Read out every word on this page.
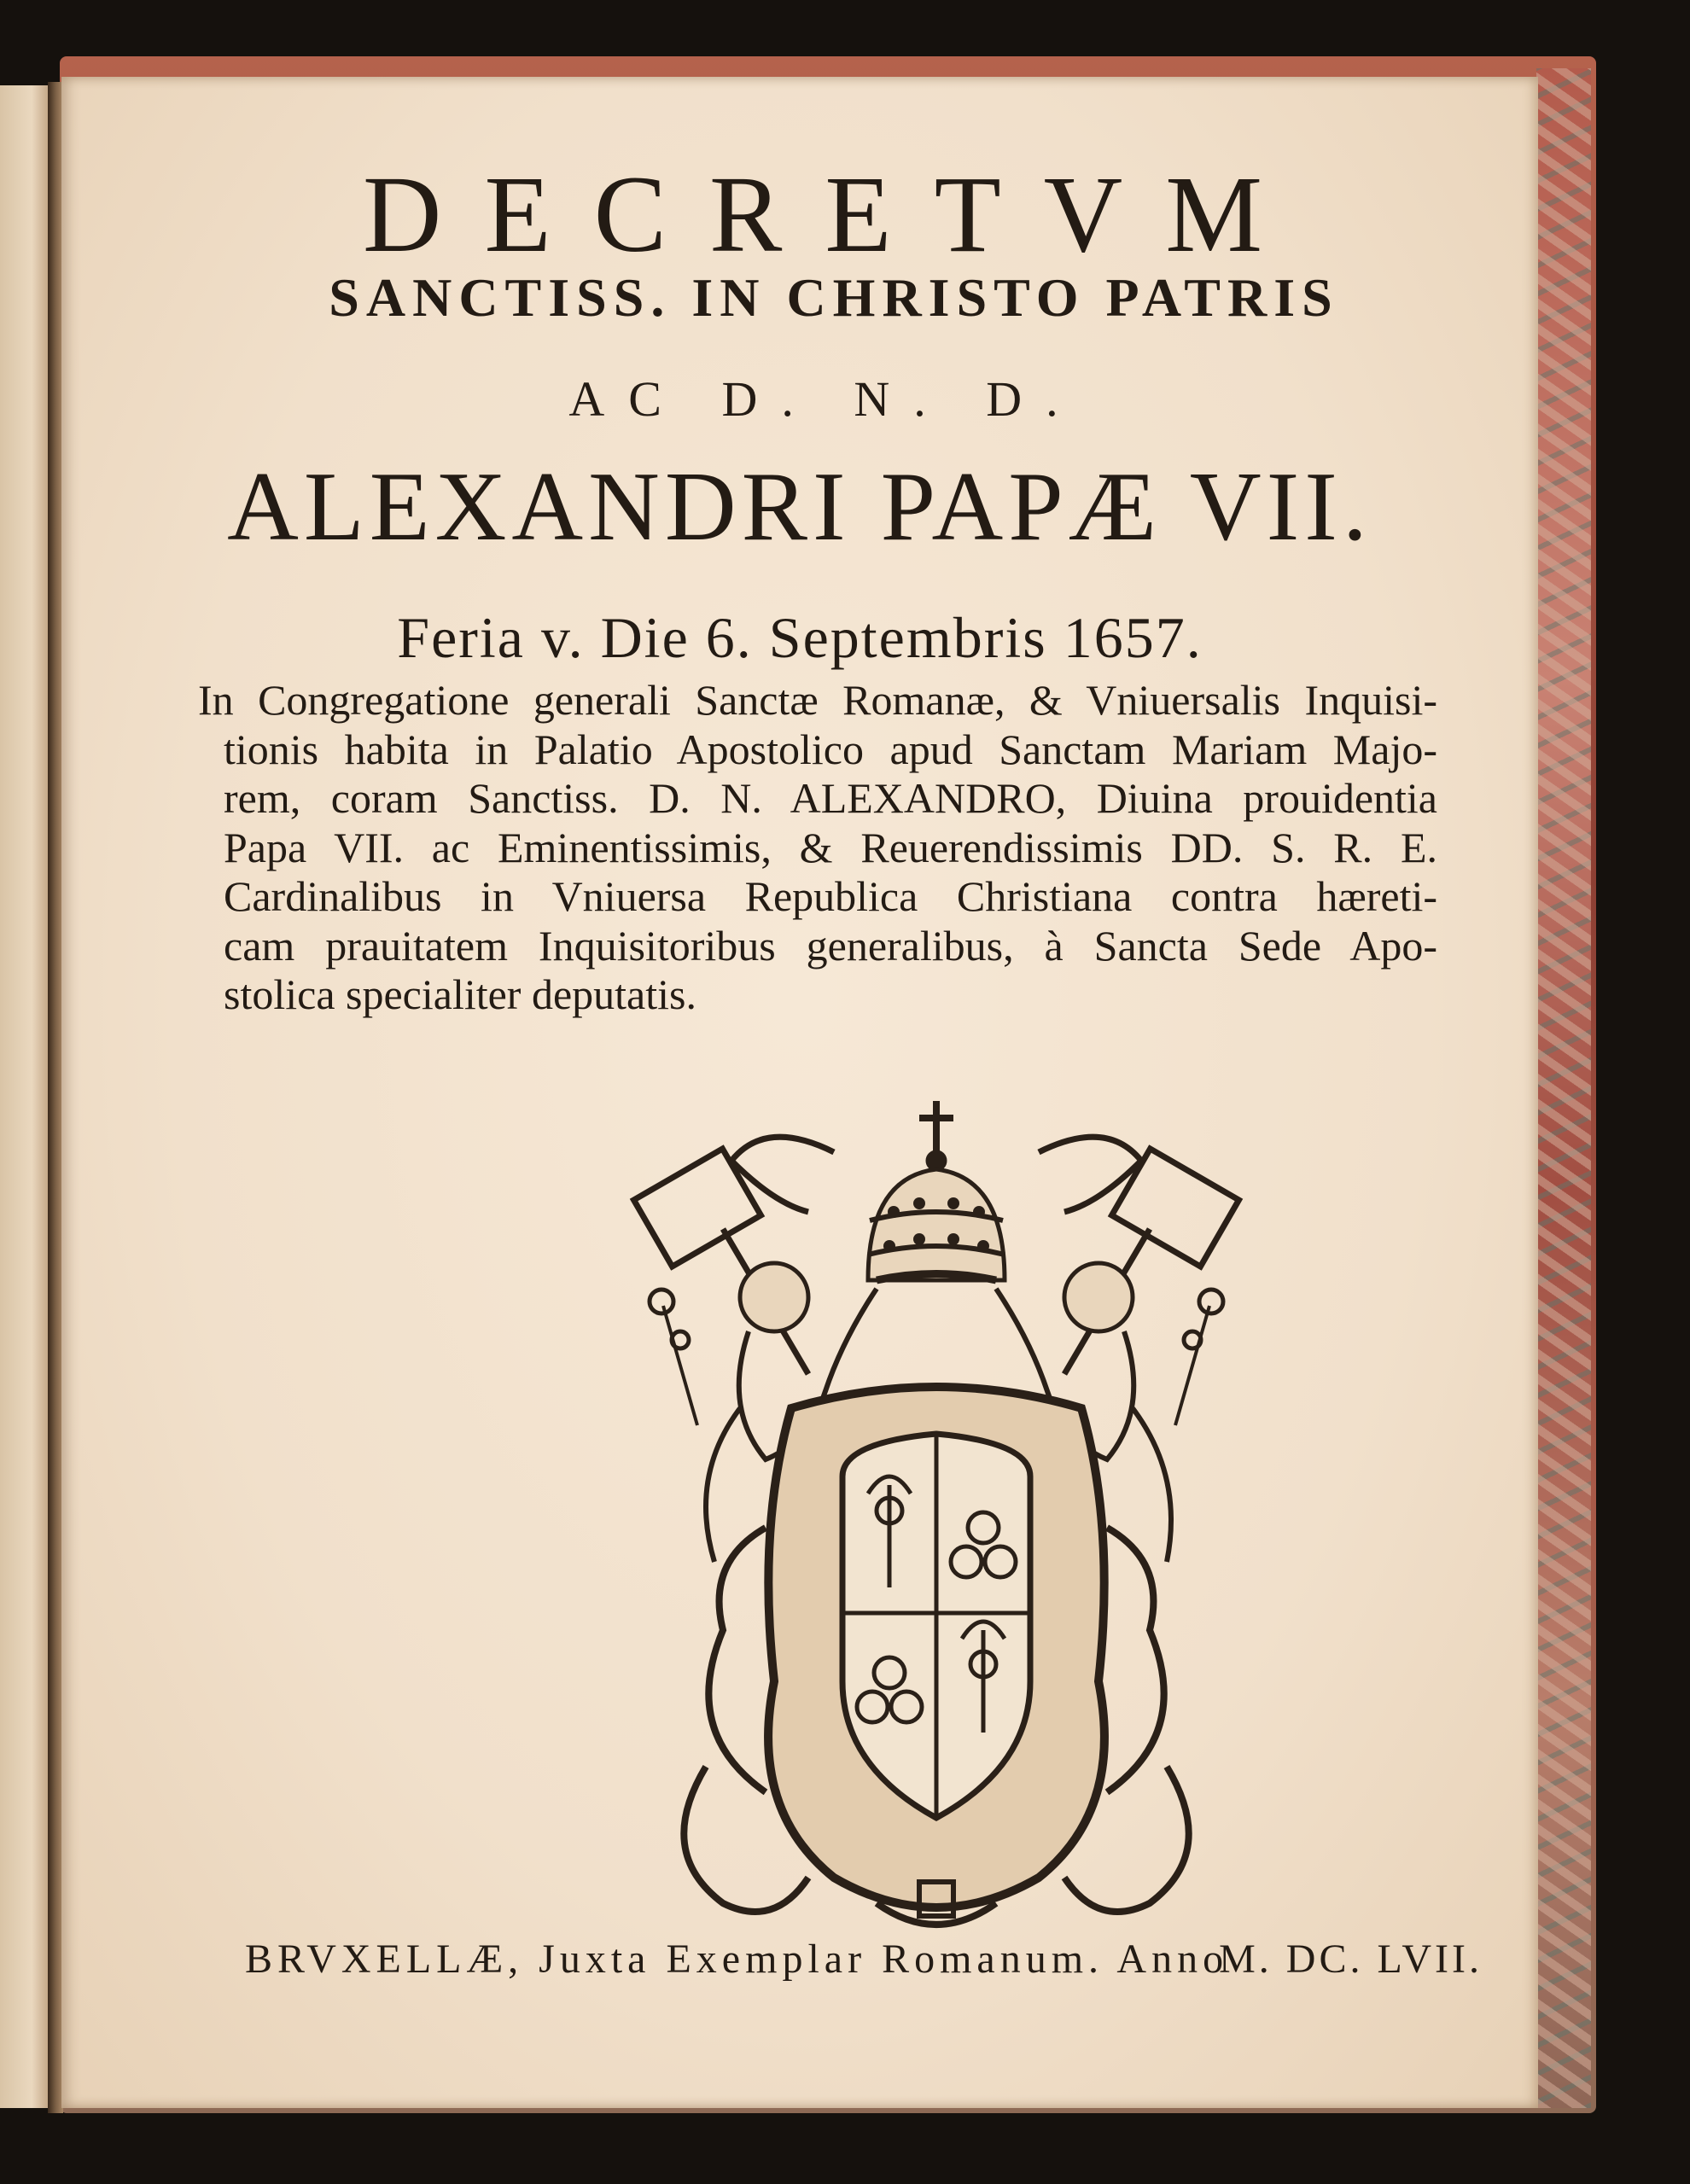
DECRETVM
SANCTISS. IN CHRISTO PATRIS
AC D. N. D.
ALEXANDRI PAPÆ VII.
Feria v. Die 6. Septembris 1657.
In Congregatione generali Sanctæ Romanæ, & Vniuersalis Inquisi-
tionis habita in Palatio Apostolico apud Sanctam Mariam Majo-
rem, coram Sanctiss. D. N. ALEXANDRO, Diuina prouidentia
Papa VII. ac Eminentissimis, & Reuerendissimis DD. S. R. E.
Cardinalibus in Vniuersa Republica Christiana contra hæreti-
cam prauitatem Inquisitoribus generalibus, à Sancta Sede Apo-
stolica specialiter deputatis.
BRVXELLÆ, Juxta Exemplar Romanum. Anno
M. DC. LVII.
